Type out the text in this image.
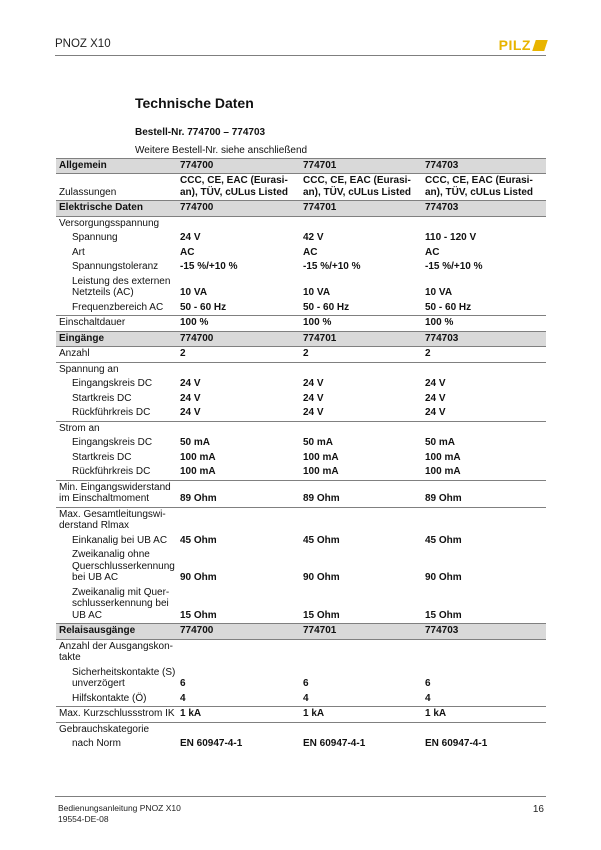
PNOZ X10	PILZ
Technische Daten
Bestell-Nr. 774700 – 774703
Weitere Bestell-Nr. siehe anschließend			
Allgemein	774700	774701	774703
Zulassungen	CCC, CE, EAC (Eurasi-an), TÜV, cULus Listed	CCC, CE, EAC (Eurasi-an), TÜV, cULus Listed	CCC, CE, EAC (Eurasi-an), TÜV, cULus Listed
Elektrische Daten	774700	774701	774703
Versorgungsspannung			
Spannung	24 V	42 V	110 - 120 V
Art	AC	AC	AC
Spannungstoleranz	-15 %/+10 %	-15 %/+10 %	-15 %/+10 %
Leistung des externen Netzteils (AC)	10 VA	10 VA	10 VA
Frequenzbereich AC	50 - 60 Hz	50 - 60 Hz	50 - 60 Hz
Einschaltdauer	100 %	100 %	100 %
Eingänge	774700	774701	774703
Anzahl	2	2	2
Spannung an			
Eingangskreis DC	24 V	24 V	24 V
Startkreis DC	24 V	24 V	24 V
Rückführkreis DC	24 V	24 V	24 V
Strom an			
Eingangskreis DC	50 mA	50 mA	50 mA
Startkreis DC	100 mA	100 mA	100 mA
Rückführkreis DC	100 mA	100 mA	100 mA
Min. Eingangswiderstand im Einschaltmoment	89 Ohm	89 Ohm	89 Ohm
Max. Gesamtleitungswi-derstand Rlmax			
Einkanalig bei UB AC	45 Ohm	45 Ohm	45 Ohm
Zweikanalig ohne Querschlusserkennung bei UB AC	90 Ohm	90 Ohm	90 Ohm
Zweikanalig mit Quer-schlusserkennung bei UB AC	15 Ohm	15 Ohm	15 Ohm
Relaisausgänge	774700	774701	774703
Anzahl der Ausgangskon-takte			
Sicherheitskontakte (S) unverzögert	6	6	6
Hilfskontakte (Ö)	4	4	4
Max. Kurzschlussstrom IK	1 kA	1 kA	1 kA
Gebrauchskategorie			
nach Norm	EN 60947-4-1	EN 60947-4-1	EN 60947-4-1
Bedienungsanleitung PNOZ X10
19554-DE-08
16
